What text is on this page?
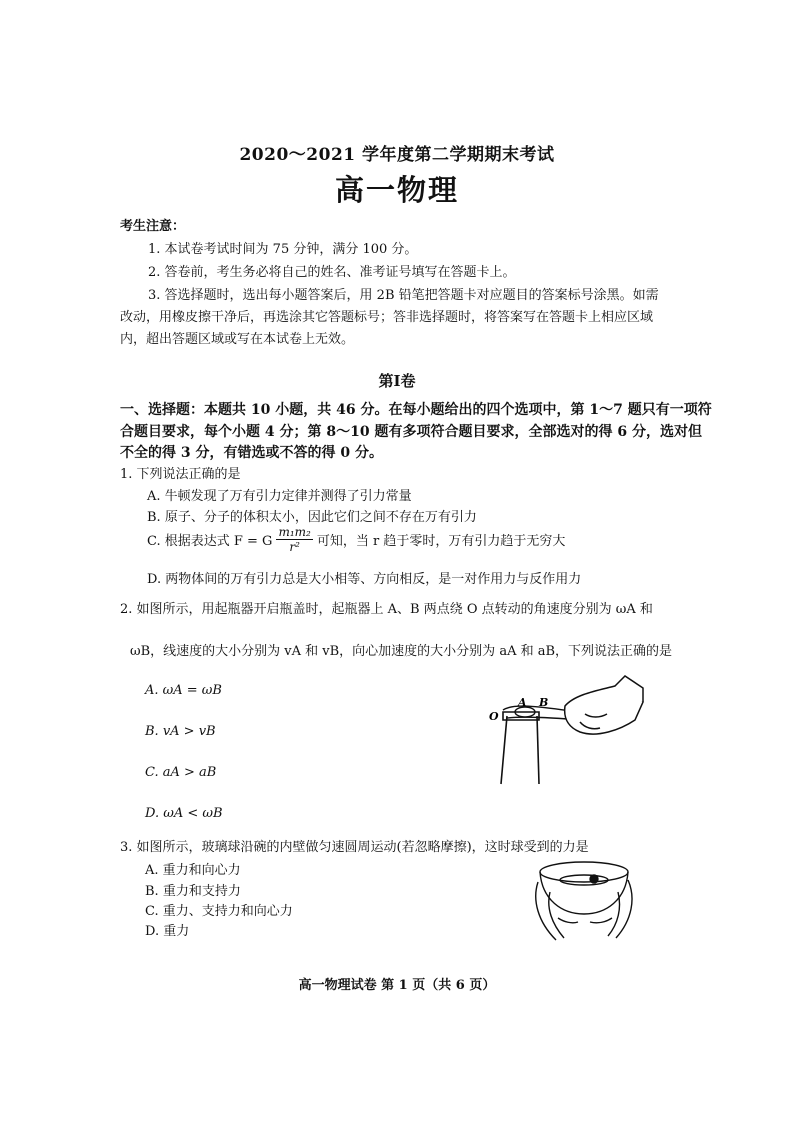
2020～2021 学年度第二学期期末考试
高一物理
考生注意：
1. 本试卷考试时间为 75 分钟，满分 100 分。
2. 答卷前，考生务必将自己的姓名、准考证号填写在答题卡上。
3. 答选择题时，选出每小题答案后，用 2B 铅笔把答题卡对应题目的答案标号涂黑。如需
改动，用橡皮擦干净后，再选涂其它答题标号；答非选择题时，将答案写在答题卡上相应区域
内，超出答题区域或写在本试卷上无效。
第Ⅰ卷
一、选择题：本题共 10 小题，共 46 分。在每小题给出的四个选项中，第 1～7 题只有一项符
合题目要求，每个小题 4 分；第 8～10 题有多项符合题目要求，全部选对的得 6 分，选对但
不全的得 3 分，有错选或不答的得 0 分。
1. 下列说法正确的是
A. 牛顿发现了万有引力定律并测得了引力常量
B. 原子、分子的体积太小，因此它们之间不存在万有引力
C. 根据表达式 F = G $\frac{\text{m₁m₂}}{\text{r²}}$ 可知，当 r 趋于零时，万有引力趋于无穷大
D. 两物体间的万有引力总是大小相等、方向相反，是一对作用力与反作用力
2. 如图所示，用起瓶器开启瓶盖时，起瓶器上 A、B 两点绕 O 点转动的角速度分别为 ωA 和
ωB，线速度的大小分别为 vA 和 vB，向心加速度的大小分别为 aA 和 aB，下列说法正确的是
A. ωA = ωB
B. vA > vB
C. aA > aB
D. ωA < ωB
O
A B
3. 如图所示，玻璃球沿碗的内壁做匀速圆周运动(若忽略摩擦)，这时球受到的力是
A. 重力和向心力
B. 重力和支持力
C. 重力、支持力和向心力
D. 重力
高一物理试卷 第 1 页（共 6 页）
